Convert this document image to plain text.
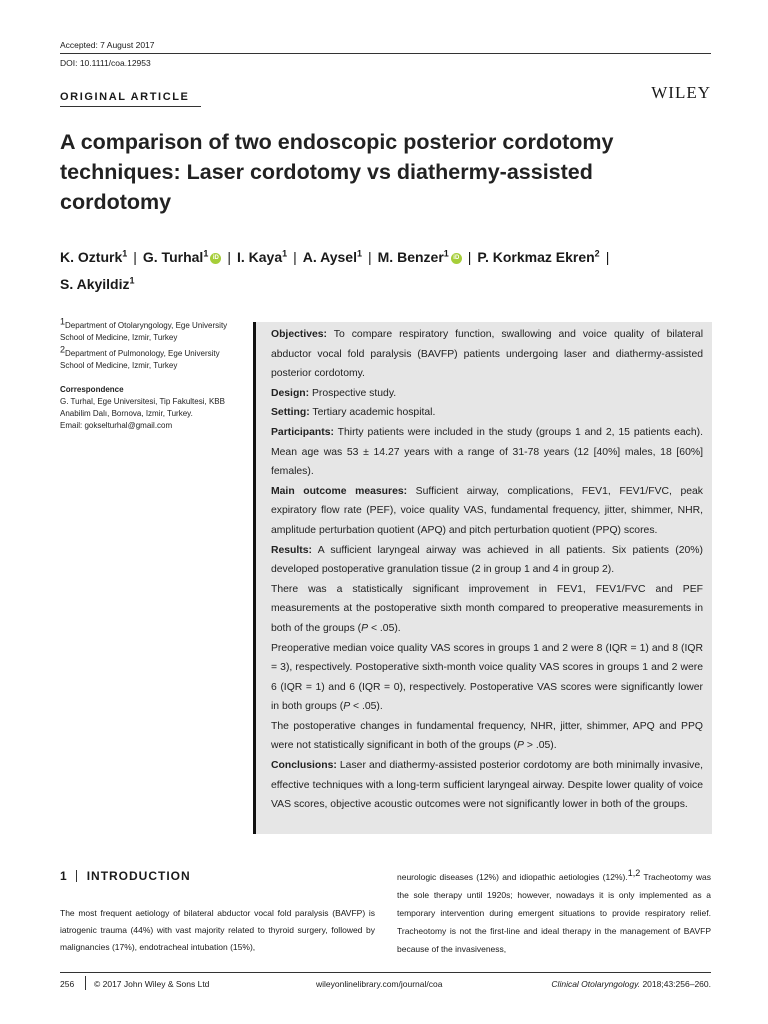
Accepted: 7 August 2017
DOI: 10.1111/coa.12953
ORIGINAL ARTICLE	WILEY
A comparison of two endoscopic posterior cordotomy techniques: Laser cordotomy vs diathermy-assisted cordotomy
K. Ozturk$^1$ | G. Turhal$^1$ iD | I. Kaya$^1$ | A. Aysel$^1$ | M. Benzer$^1$ iD | P. Korkmaz Ekren$^2$ |
S. Akyildiz$^1$
$^1$Department of Otolaryngology, Ege University School of Medicine, Izmir, Turkey
$^2$Department of Pulmonology, Ege University School of Medicine, Izmir, Turkey
Correspondence
G. Turhal, Ege Universitesi, Tip Fakultesi, KBB Anabilim Dalı, Bornova, Izmir, Turkey.
Email: gokselturhal@gmail.com

Objectives: To compare respiratory function, swallowing and voice quality of bilateral abductor vocal fold paralysis (BAVFP) patients undergoing laser and diathermy-assisted posterior cordotomy.

Design: Prospective study.

Setting: Tertiary academic hospital.

Participants: Thirty patients were included in the study (groups 1 and 2, 15 patients each). Mean age was 53 ± 14.27 years with a range of 31-78 years (12 [40%] males, 18 [60%] females).

Main outcome measures: Sufficient airway, complications, FEV1, FEV1/FVC, peak expiratory flow rate (PEF), voice quality VAS, fundamental frequency, jitter, shimmer, NHR, amplitude perturbation quotient (APQ) and pitch perturbation quotient (PPQ) scores.

Results: A sufficient laryngeal airway was achieved in all patients. Six patients (20%) developed postoperative granulation tissue (2 in group 1 and 4 in group 2).

There was a statistically significant improvement in FEV1, FEV1/FVC and PEF measurements at the postoperative sixth month compared to preoperative measurements in both of the groups (P < .05).

Preoperative median voice quality VAS scores in groups 1 and 2 were 8 (IQR = 1) and 8 (IQR = 3), respectively. Postoperative sixth-month voice quality VAS scores in groups 1 and 2 were 6 (IQR = 1) and 6 (IQR = 0), respectively. Postoperative VAS scores were significantly lower in both groups (P < .05).

The postoperative changes in fundamental frequency, NHR, jitter, shimmer, APQ and PPQ were not statistically significant in both of the groups (P > .05).

Conclusions: Laser and diathermy-assisted posterior cordotomy are both minimally invasive, effective techniques with a long-term sufficient laryngeal airway. Despite lower quality of voice VAS scores, objective acoustic outcomes were not significantly lower in both of the groups.

1 INTRODUCTION
The most frequent aetiology of bilateral abductor vocal fold paralysis (BAVFP) is iatrogenic trauma (44%) with vast majority related to thyroid surgery, followed by malignancies (17%), endotracheal intubation (15%),
neurologic diseases (12%) and idiopathic aetiologies (12%).$^{1,2}$ Tracheotomy was the sole therapy until 1920s; however, nowadays it is only implemented as a temporary intervention during emergent situations to provide respiratory relief. Tracheotomy is not the first-line and ideal therapy in the management of BAVFP because of the invasiveness,
256 © 2017 John Wiley & Sons Ltd	wileyonlinelibrary.com/journal/coa	Clinical Otolaryngology. 2018;43:256–260.
